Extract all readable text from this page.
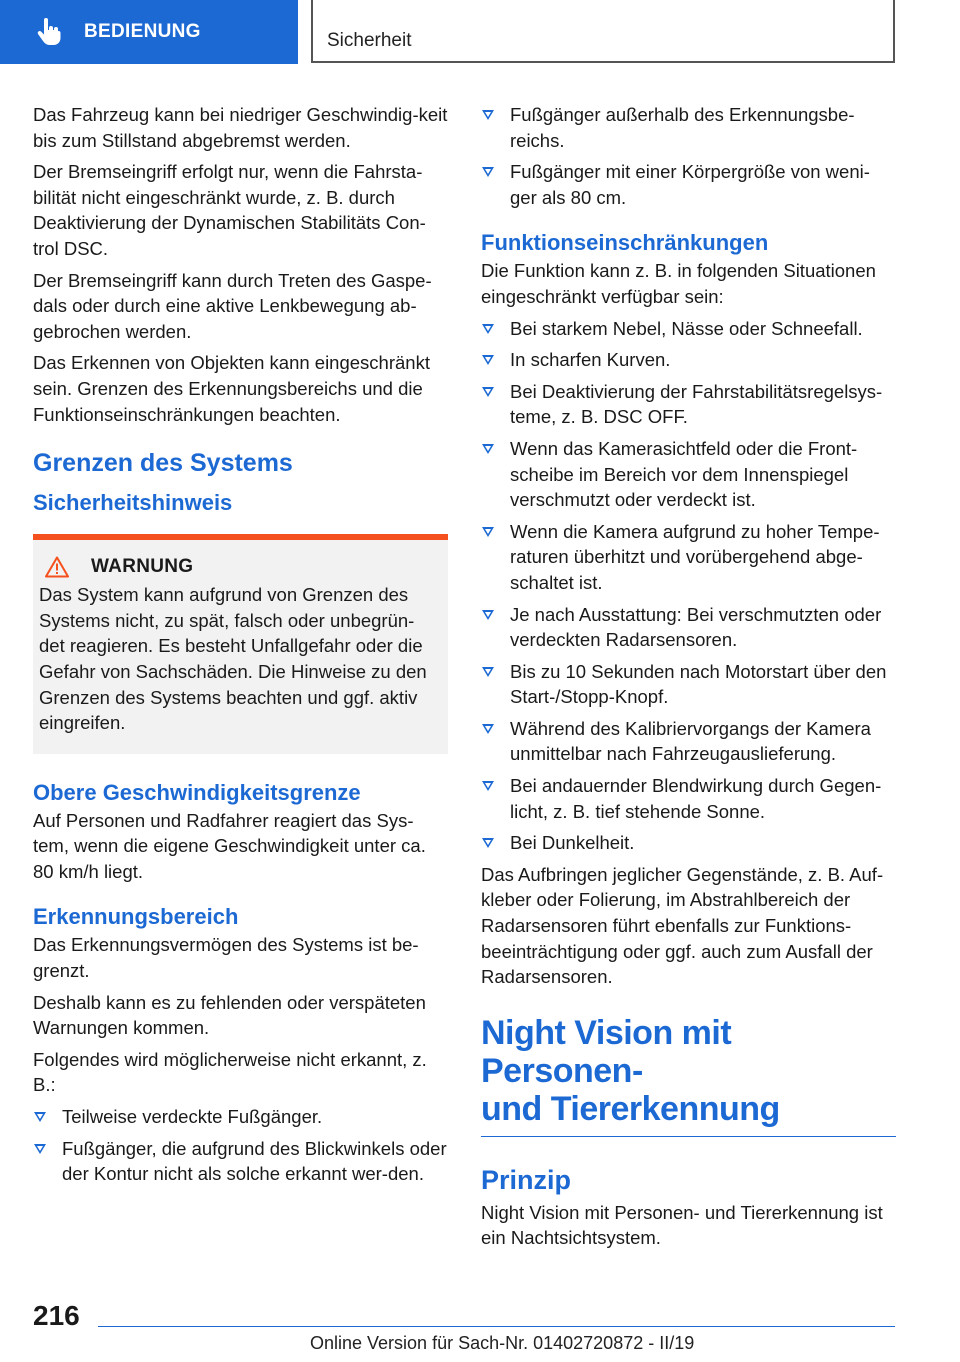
BEDIENUNG	Sicherheit

Das Fahrzeug kann bei niedriger Geschwindig-keit bis zum Stillstand abgebremst werden.

Der Bremseingriff erfolgt nur, wenn die Fahrsta-bilität nicht eingeschränkt wurde, z. B. durch Deaktivierung der Dynamischen Stabilitäts Con-trol DSC.

Der Bremseingriff kann durch Treten des Gaspe-dals oder durch eine aktive Lenkbewegung ab-gebrochen werden.

Das Erkennen von Objekten kann eingeschränkt sein. Grenzen des Erkennungsbereichs und die Funktionseinschränkungen beachten.

Grenzen des Systems
Sicherheitshinweis
WARNUNG

Das System kann aufgrund von Grenzen des Systems nicht, zu spät, falsch oder unbegrün-det reagieren. Es besteht Unfallgefahr oder die Gefahr von Sachschäden. Die Hinweise zu den Grenzen des Systems beachten und ggf. aktiv eingreifen.

Obere Geschwindigkeitsgrenze

Auf Personen und Radfahrer reagiert das Sys-tem, wenn die eigene Geschwindigkeit unter ca. 80 km/h liegt.

Erkennungsbereich

Das Erkennungsvermögen des Systems ist be-grenzt.

Deshalb kann es zu fehlenden oder verspäteten Warnungen kommen.

Folgendes wird möglicherweise nicht erkannt, z. B.:

Teilweise verdeckte Fußgänger.
Fußgänger, die aufgrund des Blickwinkels oder der Kontur nicht als solche erkannt wer-den.
Fußgänger außerhalb des Erkennungsbe-reichs.
Fußgänger mit einer Körpergröße von weni-ger als 80 cm.
Funktionseinschränkungen

Die Funktion kann z. B. in folgenden Situationen eingeschränkt verfügbar sein:

Bei starkem Nebel, Nässe oder Schneefall.
In scharfen Kurven.
Bei Deaktivierung der Fahrstabilitätsregelsys-teme, z. B. DSC OFF.
Wenn das Kamerasichtfeld oder die Front-scheibe im Bereich vor dem Innenspiegel verschmutzt oder verdeckt ist.
Wenn die Kamera aufgrund zu hoher Tempe-raturen überhitzt und vorübergehend abge-schaltet ist.
Je nach Ausstattung: Bei verschmutzten oder verdeckten Radarsensoren.
Bis zu 10 Sekunden nach Motorstart über den Start-/Stopp-Knopf.
Während des Kalibriervorgangs der Kamera unmittelbar nach Fahrzeugauslieferung.
Bei andauernder Blendwirkung durch Gegen-licht, z. B. tief stehende Sonne.
Bei Dunkelheit.

Das Aufbringen jeglicher Gegenstände, z. B. Auf-kleber oder Folierung, im Abstrahlbereich der Radarsensoren führt ebenfalls zur Funktions-beeinträchtigung oder ggf. auch zum Ausfall der Radarsensoren.

Night Vision mit Personen-
und Tiererkennung
Prinzip

Night Vision mit Personen- und Tiererkennung ist ein Nachtsichtsystem.

216
Online Version für Sach-Nr. 01402720872 - II/19
